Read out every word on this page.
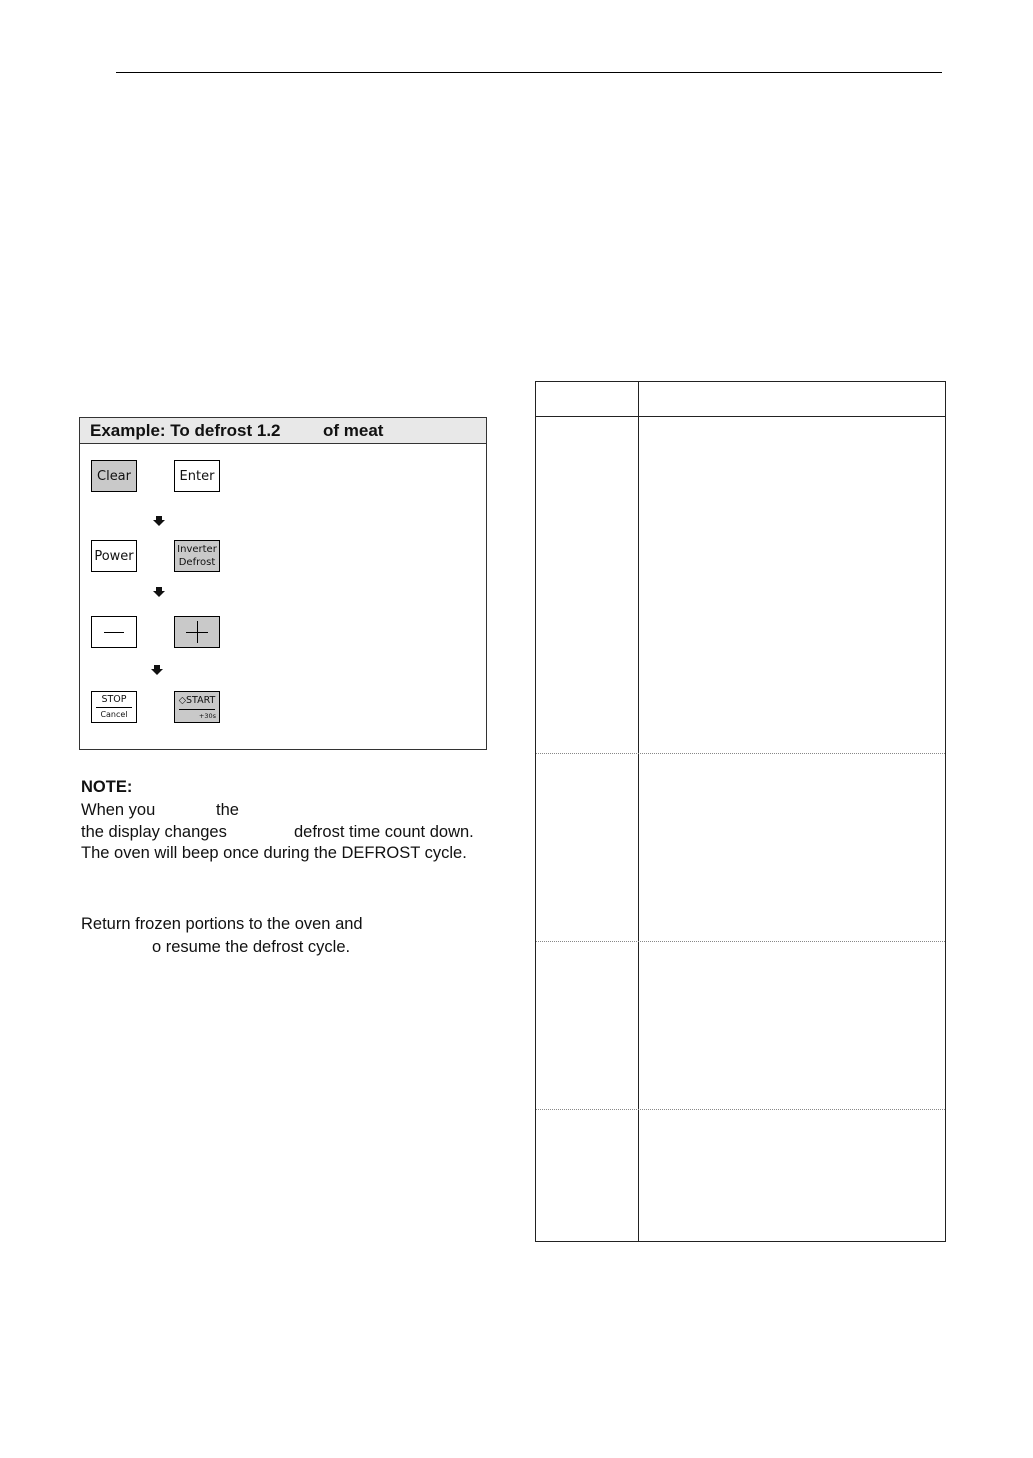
Example: To defrost 1.2 of meat
Clear	Enter
Power	Inverter
Defrost
STOP
Cancel
◇START
+30s
NOTE:
When you	the
the display changes	defrost time count down.
The oven will beep once during the DEFROST cycle.
Return frozen portions to the oven and
o resume the defrost cycle.
